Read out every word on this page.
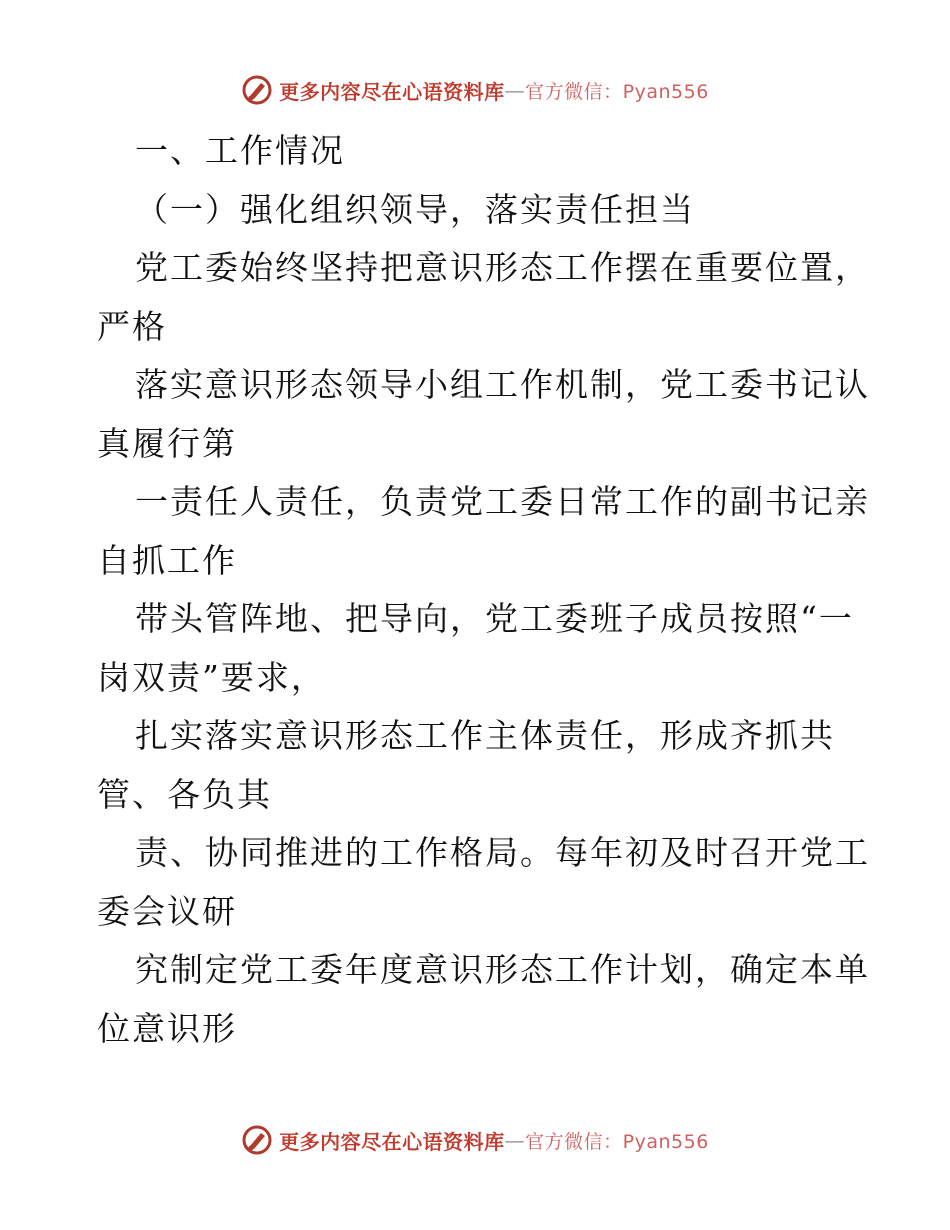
更多内容尽在心语资料库 — 官方微信：Pyan556
一、工作情况
（一）强化组织领导，落实责任担当
党工委始终坚持把意识形态工作摆在重要位置，
严格
落实意识形态领导小组工作机制，党工委书记认
真履行第
一责任人责任，负责党工委日常工作的副书记亲
自抓工作
带头管阵地、把导向，党工委班子成员按照“一
岗双责”要求，
扎实落实意识形态工作主体责任，形成齐抓共
管、各负其
责、协同推进的工作格局。每年初及时召开党工
委会议研
究制定党工委年度意识形态工作计划，确定本单
位意识形
更多内容尽在心语资料库 — 官方微信：Pyan556
